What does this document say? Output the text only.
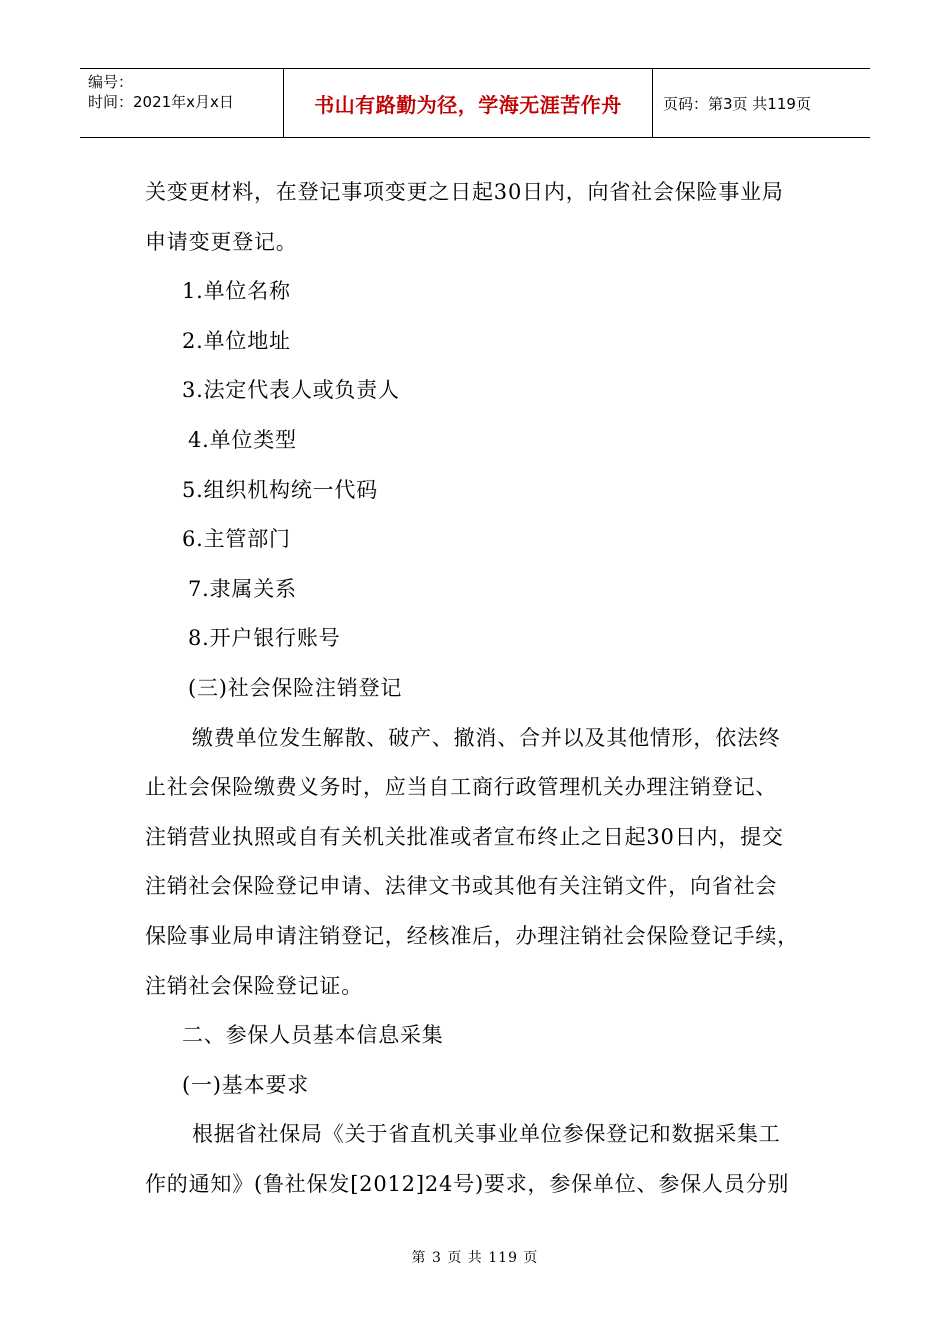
编号：
时间：2021年x月x日	书山有路勤为径，学海无涯苦作舟	页码：第3页 共119页
关变更材料，在登记事项变更之日起30日内，向省社会保险事业局
申请变更登记。
1.单位名称
2.单位地址
3.法定代表人或负责人
4.单位类型
5.组织机构统一代码
6.主管部门
7.隶属关系
8.开户银行账号
(三)社会保险注销登记
缴费单位发生解散、破产、撤消、合并以及其他情形，依法终
止社会保险缴费义务时，应当自工商行政管理机关办理注销登记、
注销营业执照或自有关机关批准或者宣布终止之日起30日内，提交
注销社会保险登记申请、法律文书或其他有关注销文件，向省社会
保险事业局申请注销登记，经核准后，办理注销社会保险登记手续，
注销社会保险登记证。
二、参保人员基本信息采集
(一)基本要求
根据省社保局《关于省直机关事业单位参保登记和数据采集工
作的通知》(鲁社保发[2012]24号)要求，参保单位、参保人员分别
第 3 页 共 119 页
